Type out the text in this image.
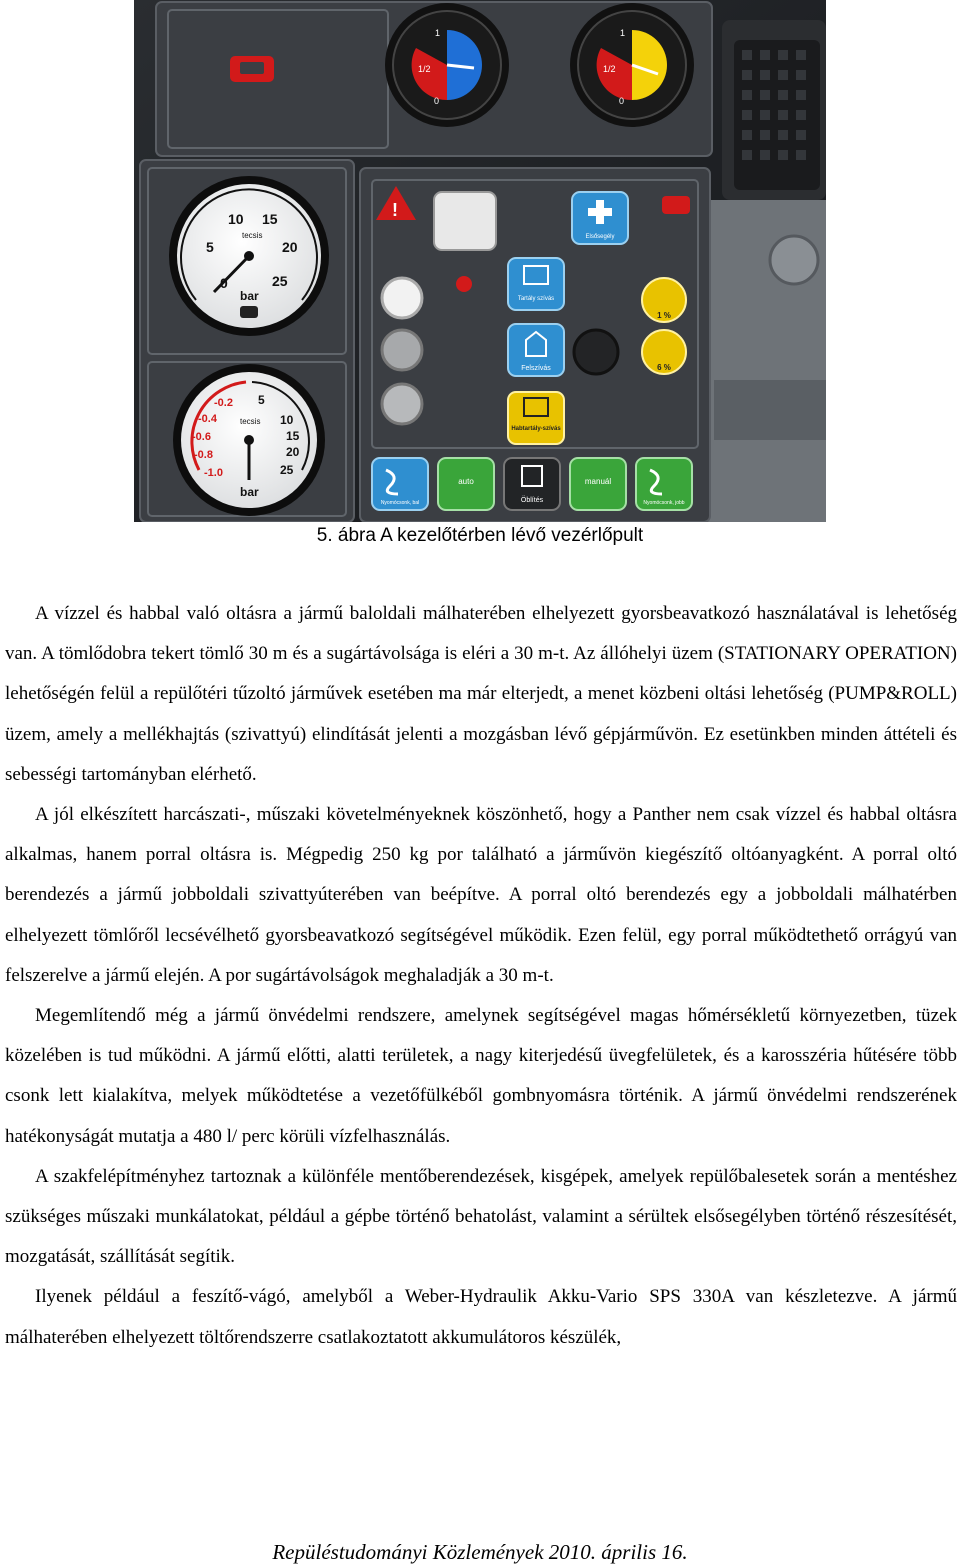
1
1/2
0
1
1/2
0
5
10 15
20
25
0
tecsis
bar
-0.2
-0.4
-0.6
-0.8
-1.0
5
10
15
20
25
tecsis
bar
!
Elsősegély
Tartály szívás
Felszívás
Habtartály-szívás
1 %
6 %
Nyomócsonk, bal
auto
Öblítés
manuál
Nyomócsonk, jobb
5. ábra A kezelőtérben lévő vezérlőpult

A vízzel és habbal való oltásra a jármű baloldali málhaterében elhelyezett gyorsbeavatkozó használatával is lehetőség van. A tömlődobra tekert tömlő 30 m és a sugártávolsága is eléri a 30 m-t. Az állóhelyi üzem (STATIONARY OPERATION) lehetőségén felül a repülőtéri tűzoltó járművek esetében ma már elterjedt, a menet közbeni oltási lehetőség (PUMP&ROLL) üzem, amely a mellékhajtás (szivattyú) elindítását jelenti a mozgásban lévő gépjárművön. Ez esetünkben minden áttételi és sebességi tartományban elérhető.

A jól elkészített harcászati-, műszaki követelményeknek köszönhető, hogy a Panther nem csak vízzel és habbal oltásra alkalmas, hanem porral oltásra is. Mégpedig 250 kg por található a járművön kiegészítő oltóanyagként. A porral oltó berendezés a jármű jobboldali szivattyúterében van beépítve. A porral oltó berendezés egy a jobboldali málhatérben elhelyezett tömlőről lecsévélhető gyorsbeavatkozó segítségével működik. Ezen felül, egy porral működtethető orrágyú van felszerelve a jármű elején. A por sugártávolságok meghaladják a 30 m-t.

Megemlítendő még a jármű önvédelmi rendszere, amelynek segítségével magas hőmérsékletű környezetben, tüzek közelében is tud működni. A jármű előtti, alatti területek, a nagy kiterjedésű üvegfelületek, és a karosszéria hűtésére több csonk lett kialakítva, melyek működtetése a vezetőfülkéből gombnyomásra történik. A jármű önvédelmi rendszerének hatékonyságát mutatja a 480 l/ perc körüli vízfelhasználás.

A szakfelépítményhez tartoznak a különféle mentőberendezések, kisgépek, amelyek repülőbalesetek során a mentéshez szükséges műszaki munkálatokat, például a gépbe történő behatolást, valamint a sérültek elsősegélyben történő részesítését, mozgatását, szállítását segítik.

Ilyenek például a feszítő-vágó, amelyből a Weber-Hydraulik Akku-Vario SPS 330A van készletezve. A jármű málhaterében elhelyezett töltőrendszerre csatlakoztatott akkumulátoros készülék,

Repüléstudományi Közlemények 2010. április 16.
